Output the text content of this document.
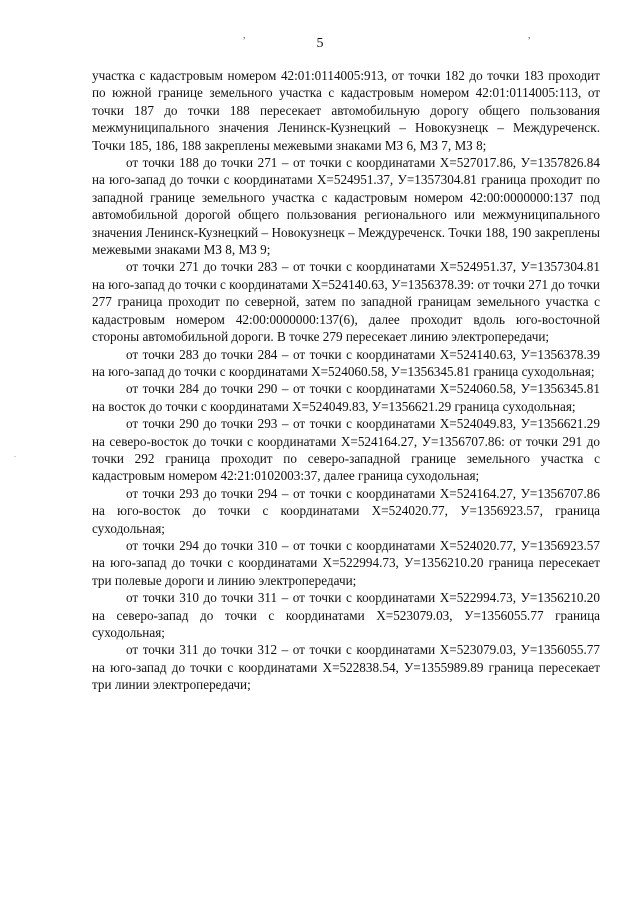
,	,
.
5

участка с кадастровым номером 42:01:0114005:913, от точки 182 до точки 183 проходит по южной границе земельного участка с кадастровым номером 42:01:0114005:113, от точки 187 до точки 188 пересекает автомобильную дорогу общего пользования межмуниципального значения Ленинск-Кузнецкий – Новокузнецк – Междуреченск. Точки 185, 186, 188 закреплены межевыми знаками МЗ 6, МЗ 7, МЗ 8;

от точки 188 до точки 271 – от точки с координатами Х=527017.86, У=1357826.84 на юго-запад до точки с координатами Х=524951.37, У=1357304.81 граница проходит по западной границе земельного участка с кадастровым номером 42:00:0000000:137 под автомобильной дорогой общего пользования регионального или межмуниципального значения Ленинск-Кузнецкий – Новокузнецк – Междуреченск. Точки 188, 190 закреплены межевыми знаками МЗ 8, МЗ 9;

от точки 271 до точки 283 – от точки с координатами Х=524951.37, У=1357304.81 на юго-запад до точки с координатами Х=524140.63, У=1356378.39: от точки 271 до точки 277 граница проходит по северной, затем по западной границам земельного участка с кадастровым номером 42:00:0000000:137(6), далее проходит вдоль юго-восточной стороны автомобильной дороги. В точке 279 пересекает линию электропередачи;

от точки 283 до точки 284 – от точки с координатами Х=524140.63, У=1356378.39 на юго-запад до точки с координатами Х=524060.58, У=1356345.81 граница суходольная;

от точки 284 до точки 290 – от точки с координатами Х=524060.58, У=1356345.81 на восток до точки с координатами Х=524049.83, У=1356621.29 граница суходольная;

от точки 290 до точки 293 – от точки с координатами Х=524049.83, У=1356621.29 на северо-восток до точки с координатами Х=524164.27, У=1356707.86: от точки 291 до точки 292 граница проходит по северо-западной границе земельного участка с кадастровым номером 42:21:0102003:37, далее граница суходольная;

от точки 293 до точки 294 – от точки с координатами Х=524164.27, У=1356707.86 на юго-восток до точки с координатами Х=524020.77, У=1356923.57, граница суходольная;

от точки 294 до точки 310 – от точки с координатами Х=524020.77, У=1356923.57 на юго-запад до точки с координатами Х=522994.73, У=1356210.20 граница пересекает три полевые дороги и линию электропередачи;

от точки 310 до точки 311 – от точки с координатами Х=522994.73, У=1356210.20 на северо-запад до точки с координатами Х=523079.03, У=1356055.77 граница суходольная;

от точки 311 до точки 312 – от точки с координатами Х=523079.03, У=1356055.77 на юго-запад до точки с координатами Х=522838.54, У=1355989.89 граница пересекает три линии электропередачи;
